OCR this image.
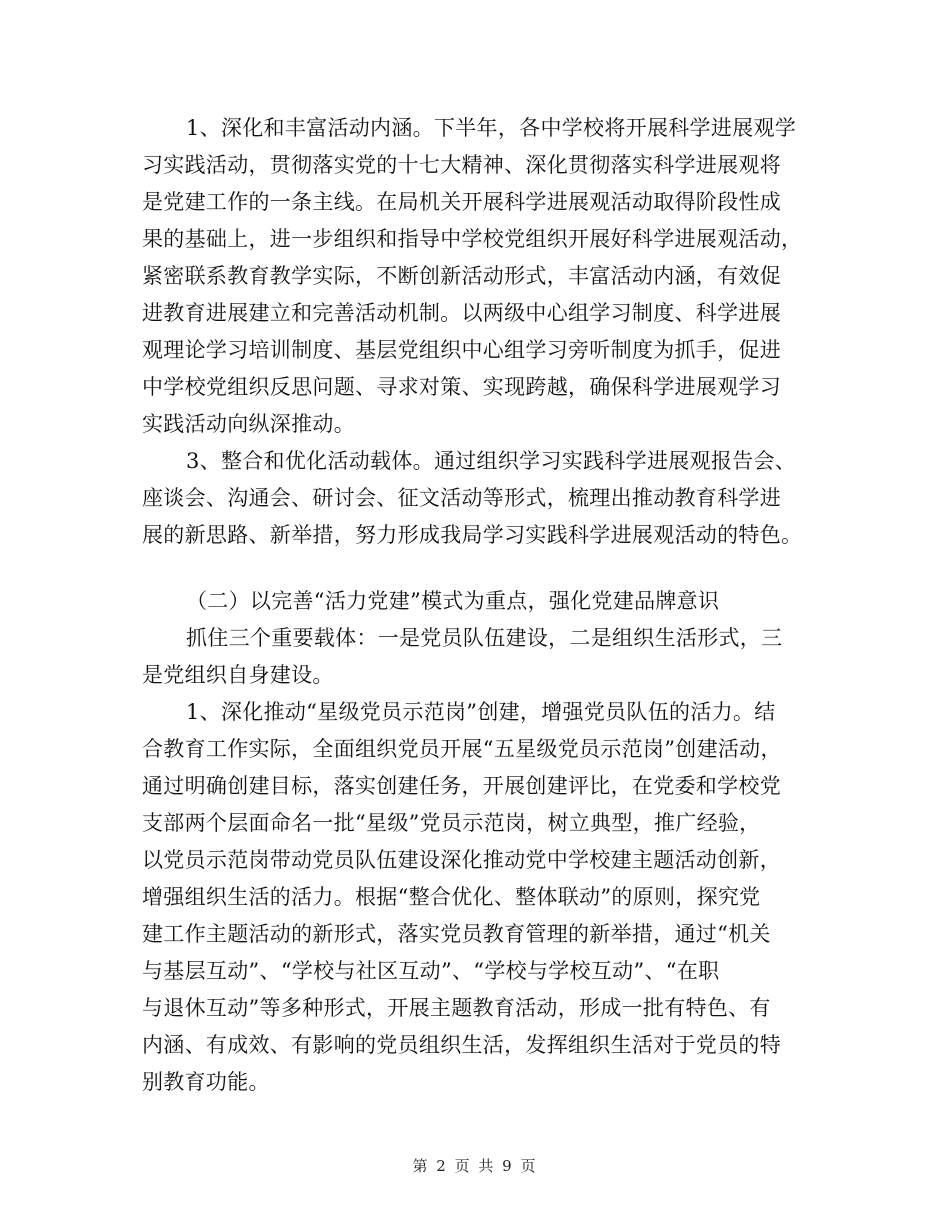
1、深化和丰富活动内涵。下半年，各中学校将开展科学进展观学
习实践活动，贯彻落实党的十七大精神、深化贯彻落实科学进展观将
是党建工作的一条主线。在局机关开展科学进展观活动取得阶段性成
果的基础上，进一步组织和指导中学校党组织开展好科学进展观活动，
紧密联系教育教学实际，不断创新活动形式，丰富活动内涵，有效促
进教育进展建立和完善活动机制。以两级中心组学习制度、科学进展
观理论学习培训制度、基层党组织中心组学习旁听制度为抓手，促进
中学校党组织反思问题、寻求对策、实现跨越，确保科学进展观学习
实践活动向纵深推动。
3、整合和优化活动载体。通过组织学习实践科学进展观报告会、
座谈会、沟通会、研讨会、征文活动等形式，梳理出推动教育科学进
展的新思路、新举措，努力形成我局学习实践科学进展观活动的特色。
（二）以完善“活力党建”模式为重点，强化党建品牌意识
抓住三个重要载体：一是党员队伍建设，二是组织生活形式，三
是党组织自身建设。
1、深化推动“星级党员示范岗”创建，增强党员队伍的活力。结
合教育工作实际，全面组织党员开展“五星级党员示范岗”创建活动，
通过明确创建目标，落实创建任务，开展创建评比，在党委和学校党
支部两个层面命名一批“星级”党员示范岗，树立典型，推广经验，
以党员示范岗带动党员队伍建设深化推动党中学校建主题活动创新，
增强组织生活的活力。根据“整合优化、整体联动”的原则，探究党
建工作主题活动的新形式，落实党员教育管理的新举措，通过“机关
与基层互动”、“学校与社区互动”、“学校与学校互动”、“在职
与退休互动”等多种形式，开展主题教育活动，形成一批有特色、有
内涵、有成效、有影响的党员组织生活，发挥组织生活对于党员的特
别教育功能。
第 2 页 共 9 页
